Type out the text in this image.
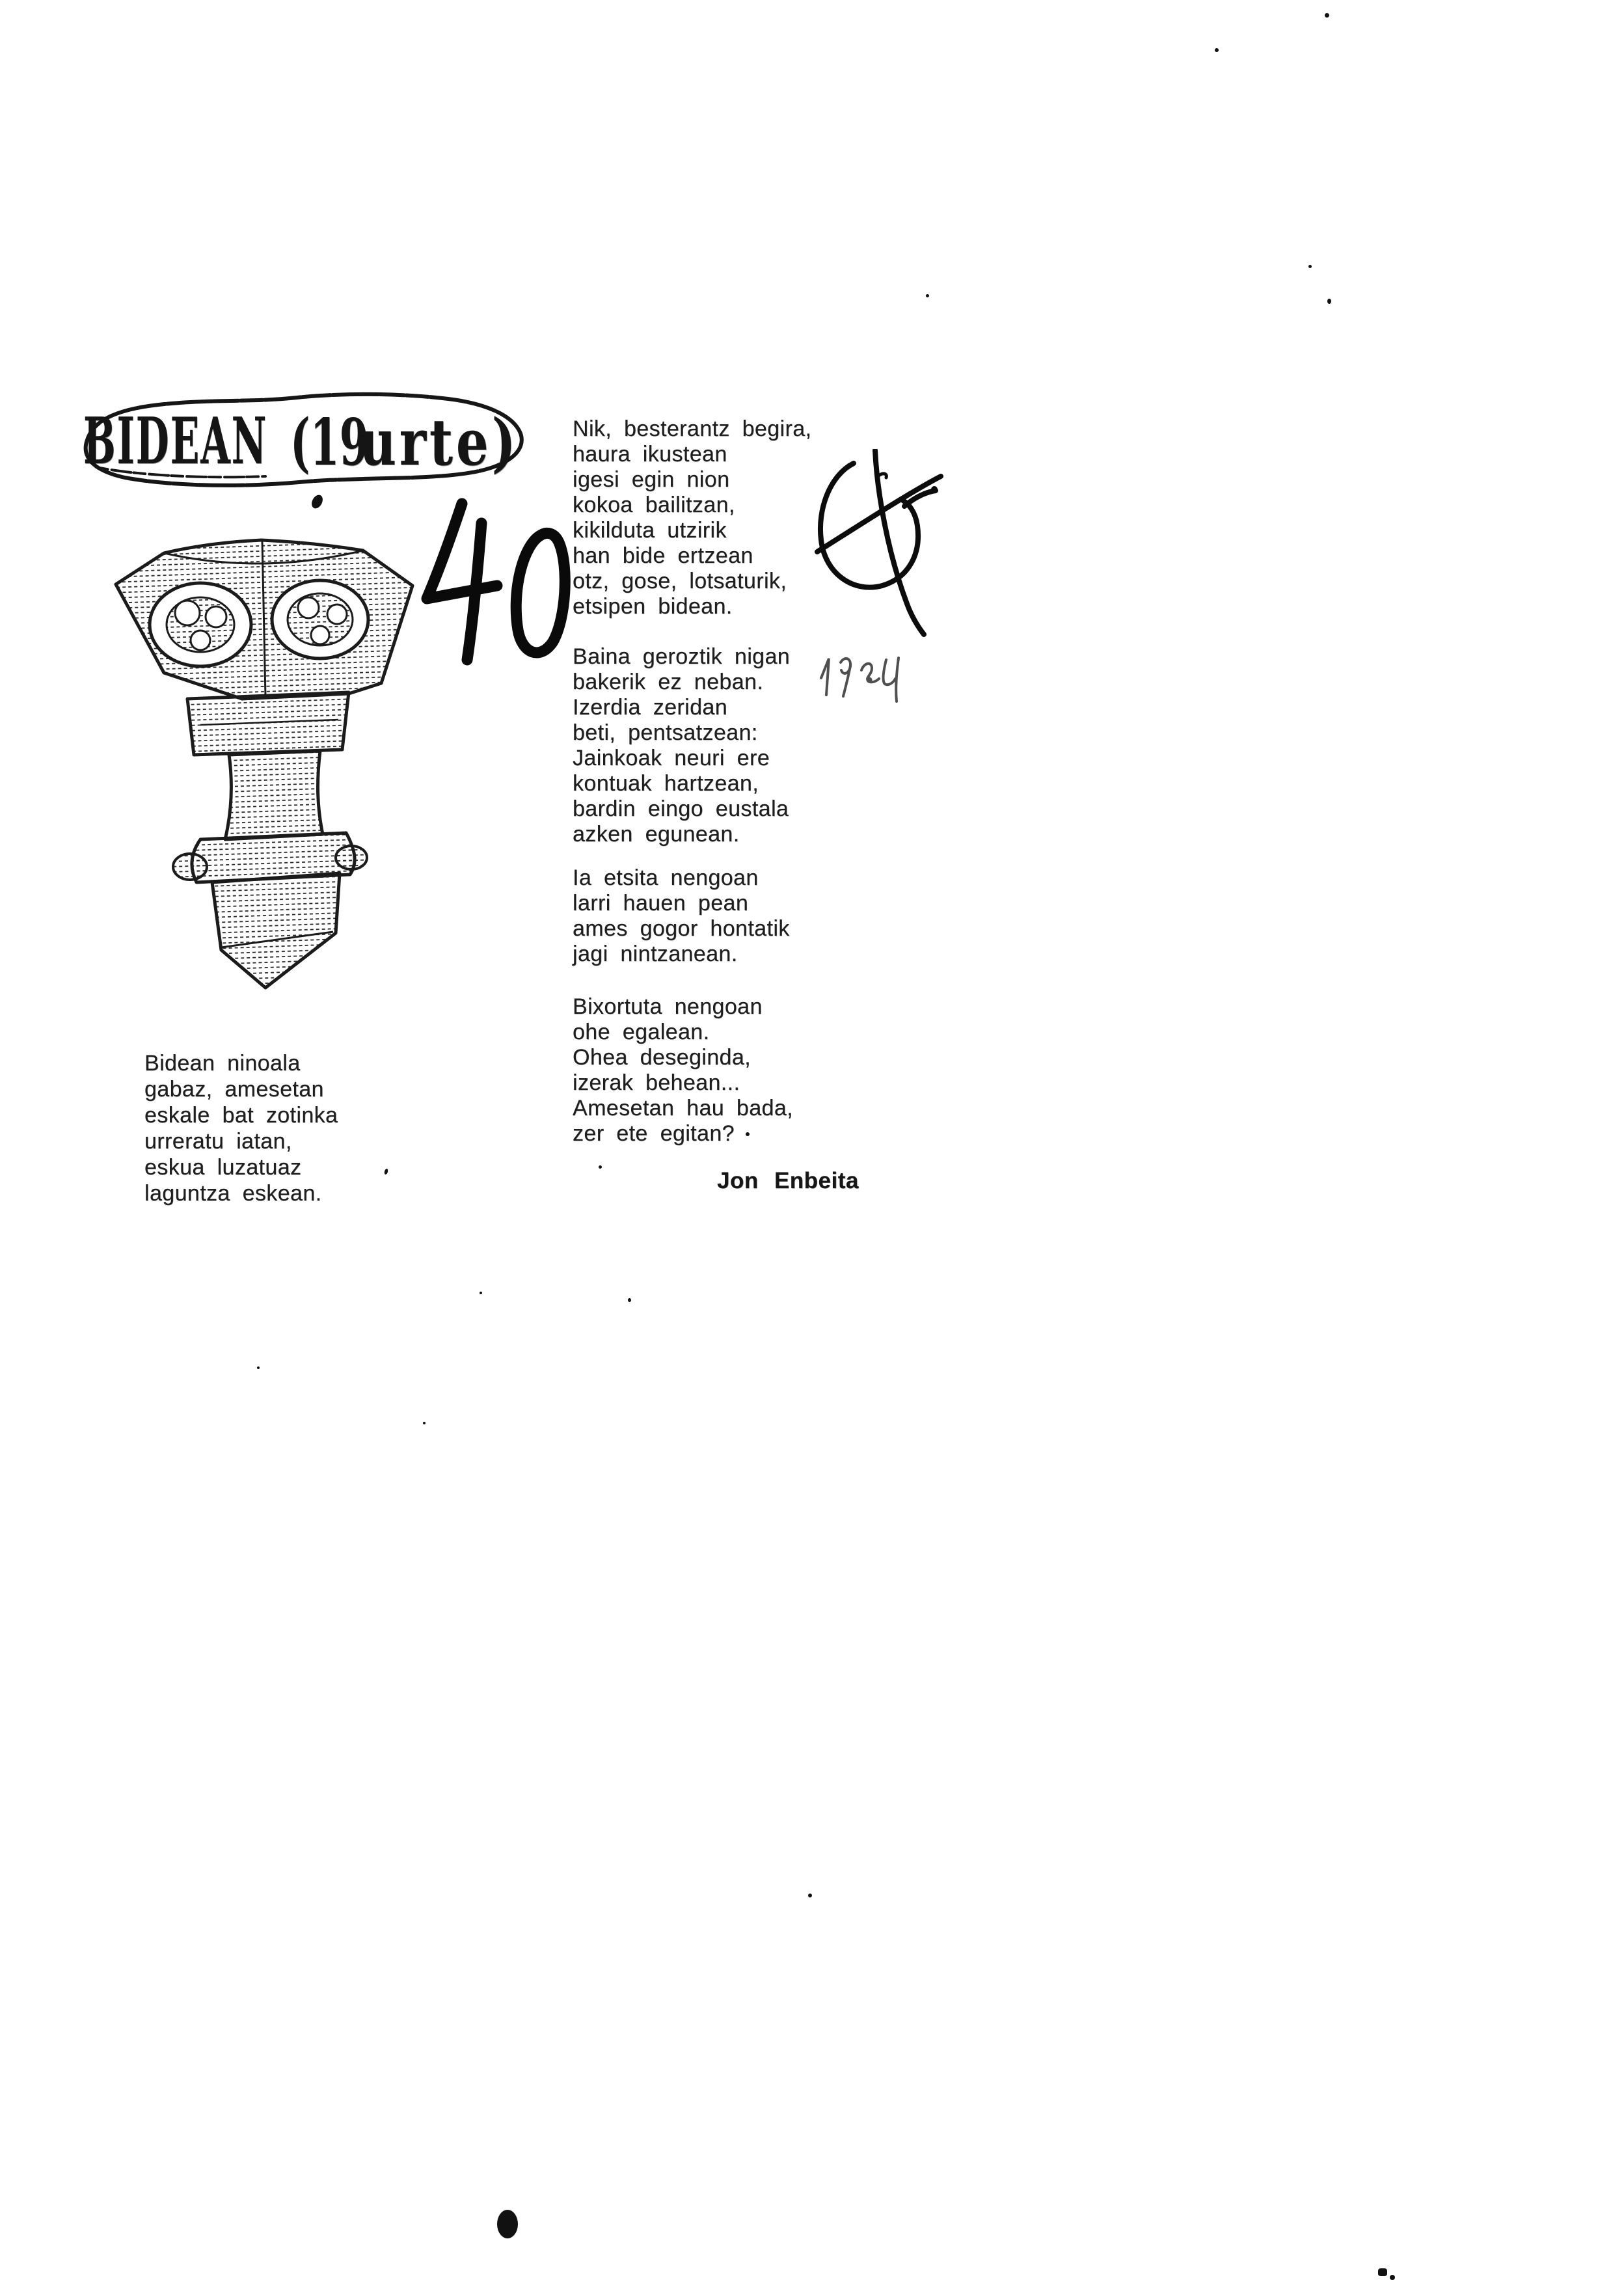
BIDEAN (19
urte) Nik, besterantz begira,
haura ikustean
igesi egin nion
kokoa bailitzan,
kikilduta utzirik
han bide ertzean
otz, gose, lotsaturik,
etsipen bidean.
Baina geroztik nigan
bakerik ez neban.
Izerdia zeridan
beti, pentsatzean:
Jainkoak neuri ere
kontuak hartzean,
bardin eingo eustala
azken egunean.
Ia etsita nengoan
larri hauen pean
ames gogor hontatik
jagi nintzanean.
Bixortuta nengoan
ohe egalean.
Ohea deseginda,
izerak behean...
Amesetan hau bada,
zer ete egitan?
Bidean ninoala
gabaz, amesetan
eskale bat zotinka
urreratu iatan,
eskua luzatuaz
laguntza eskean.	Jon Enbeita
